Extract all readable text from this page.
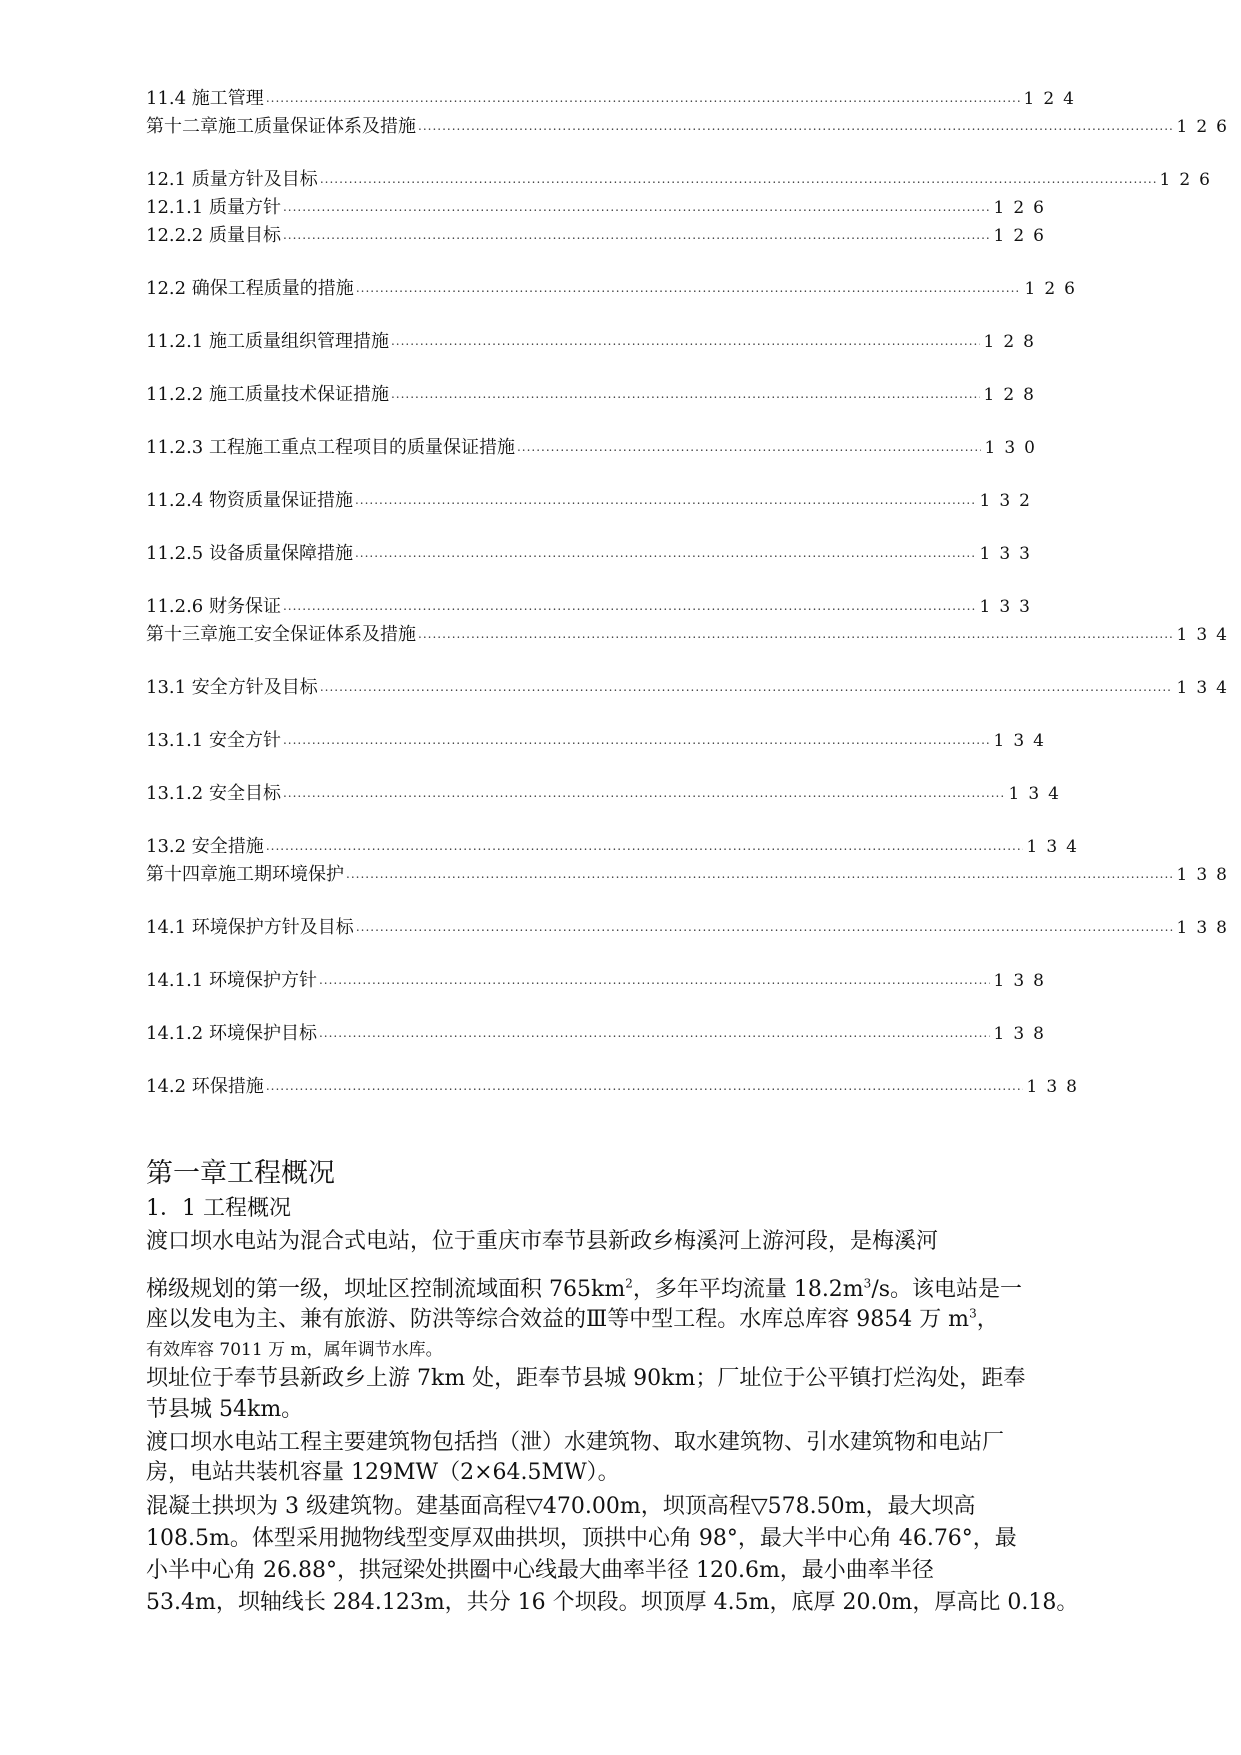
11.4 施工管理 .....	124
第十二章施工质量保证体系及措施 .....	126
12.1 质量方针及目标 .....	126
12.1.1 质量方针 .....	126
12.2.2 质量目标 .....	126
12.2 确保工程质量的措施 .....	126
11.2.1 施工质量组织管理措施 .....	128
11.2.2 施工质量技术保证措施 .....	128
11.2.3 工程施工重点工程项目的质量保证措施 .....	130
11.2.4 物资质量保证措施 .....	132
11.2.5 设备质量保障措施 .....	133
11.2.6 财务保证 .....	133
第十三章施工安全保证体系及措施 .....	134
13.1 安全方针及目标 .....	134
13.1.1 安全方针 .....	134
13.1.2 安全目标 .....	134
13.2 安全措施 .....	134
第十四章施工期环境保护 .....	138
14.1 环境保护方针及目标 .....	138
14.1.1 环境保护方针 .....	138
14.1.2 环境保护目标 .....	138
14.2 环保措施 .....	138
第一章工程概况
1．1 工程概况
渡口坝水电站为混合式电站，位于重庆市奉节县新政乡梅溪河上游河段，是梅溪河
梯级规划的第一级，坝址区控制流域面积 $765km^2$，多年平均流量 $18.2m^3/s$。该电站是一
座以发电为主、兼有旅游、防洪等综合效益的Ⅲ等中型工程。水库总库容 9854 万 $m^3$，
有效库容 7011 万 m，属年调节水库。
坝址位于奉节县新政乡上游 7km 处，距奉节县城 90km；厂址位于公平镇打烂沟处，距奉
节县城 54km。
渡口坝水电站工程主要建筑物包括挡（泄）水建筑物、取水建筑物、引水建筑物和电站厂
房，电站共装机容量 129MW（2×64.5MW）。
混凝土拱坝为 3 级建筑物。建基面高程▽470.00m，坝顶高程▽578.50m，最大坝高
108.5m。体型采用抛物线型变厚双曲拱坝，顶拱中心角 98°，最大半中心角 46.76°，最
小半中心角 26.88°，拱冠梁处拱圈中心线最大曲率半径 120.6m，最小曲率半径
53.4m，坝轴线长 284.123m，共分 16 个坝段。坝顶厚 4.5m，底厚 20.0m，厚高比 0.18。
